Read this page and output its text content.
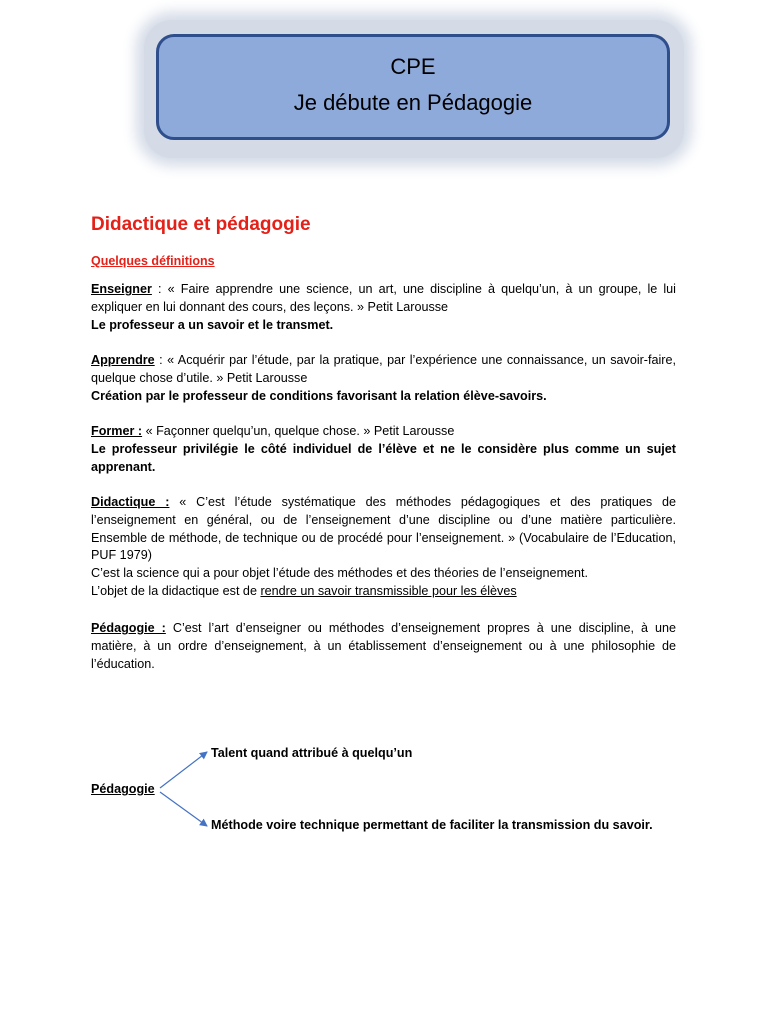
CPE
Je débute en Pédagogie
Didactique et pédagogie
Quelques définitions
Enseigner : « Faire apprendre une science, un art, une discipline à quelqu’un, à un groupe, le lui expliquer en lui donnant des cours, des leçons. » Petit Larousse
Le professeur a un savoir et le transmet.
Apprendre : « Acquérir par l’étude, par la pratique, par l’expérience une connaissance, un savoir-faire, quelque chose d’utile. » Petit Larousse
Création par le professeur de conditions favorisant la relation élève-savoirs.
Former : « Façonner quelqu’un, quelque chose. » Petit Larousse
Le professeur privilégie le côté individuel de l’élève et ne le considère plus comme un sujet apprenant.
Didactique : « C’est l’étude systématique des méthodes pédagogiques et des pratiques de l’enseignement en général, ou de l’enseignement d’une discipline ou d’une matière particulière. Ensemble de méthode, de technique ou de procédé pour l’enseignement. » (Vocabulaire de l’Education, PUF 1979)
C’est la science qui a pour objet l’étude des méthodes et des théories de l’enseignement.
L’objet de la didactique est de rendre un savoir transmissible pour les élèves
Pédagogie : C’est l’art d’enseigner ou méthodes d’enseignement propres à une discipline, à une matière, à un ordre d’enseignement, à un établissement d’enseignement ou à une philosophie de l’éducation.
Talent quand attribué à quelqu’un
Pédagogie
Méthode voire technique permettant de faciliter la transmission du savoir.
